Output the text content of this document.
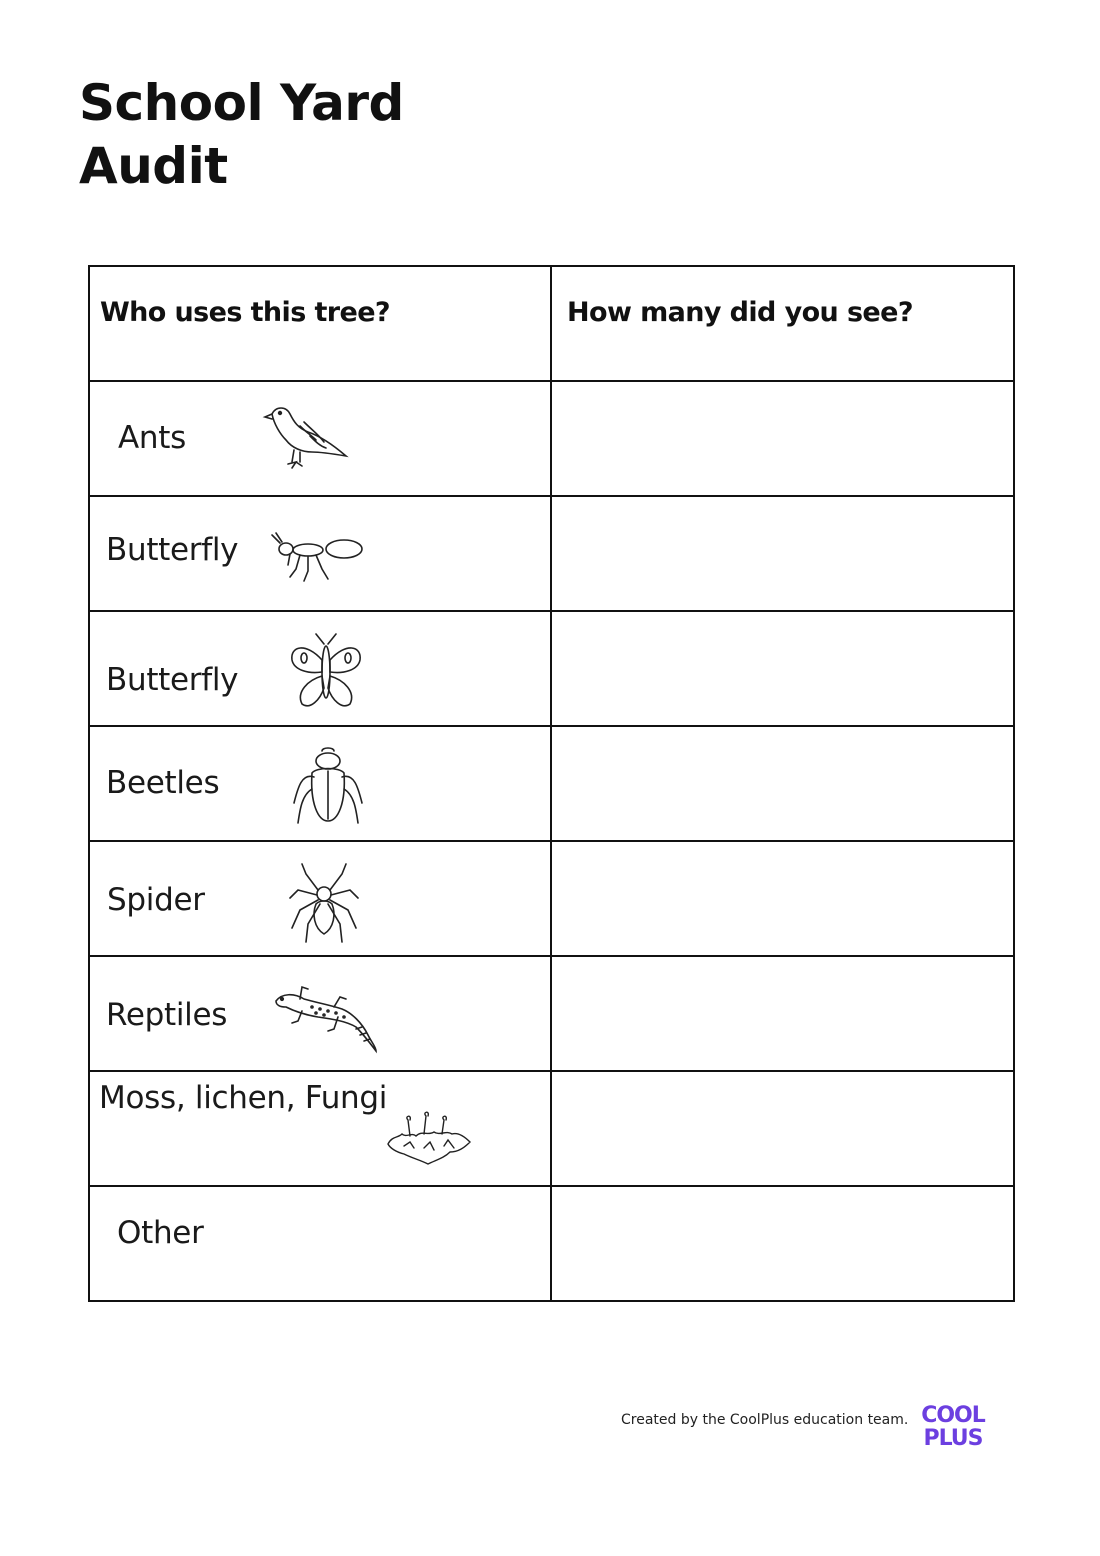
School Yard
Audit
Who uses this tree?	How many did you see?

Ants	

Butterfly	

Butterfly	

Beetles	

Spider	

Reptiles	

Moss, lichen, Fungi	

Other	

Created by the CoolPlus education team. COOL
PLUS
